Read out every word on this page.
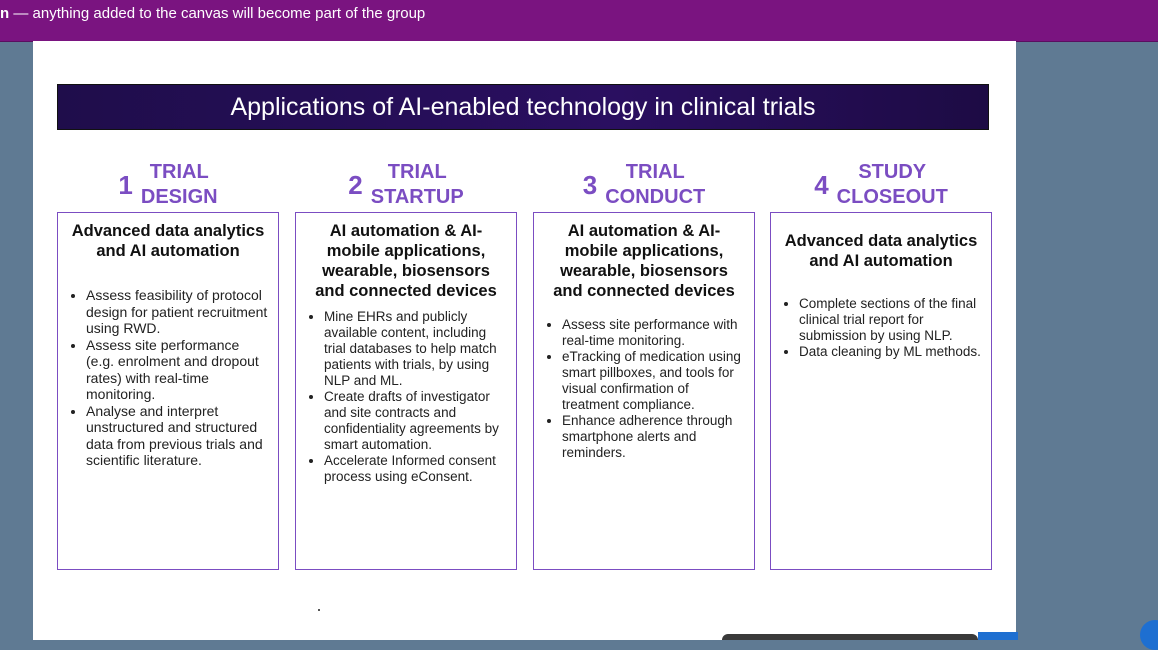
n — anything added to the canvas will become part of the group
Applications of AI-enabled technology in clinical trials
1 TRIAL
DESIGN
Advanced data analytics and AI automation
• Assess feasibility of protocol design for patient recruitment using RWD.
• Assess site performance (e.g. enrolment and dropout rates) with real-time monitoring.
• Analyse and interpret unstructured and structured data from previous trials and scientific literature.
2	TRIAL
STARTUP
AI automation & AI-mobile applications, wearable, biosensors and connected devices
• Mine EHRs and publicly available content, including trial databases to help match patients with trials, by using NLP and ML.
• Create drafts of investigator and site contracts and confidentiality agreements by smart automation.
• Accelerate Informed consent process using eConsent.
3	TRIAL
CONDUCT
AI automation & AI-mobile applications, wearable, biosensors and connected devices
• Assess site performance with real-time monitoring.
• eTracking of medication using smart pillboxes, and tools for visual confirmation of treatment compliance.
• Enhance adherence through smartphone alerts and reminders.
4	STUDY
CLOSEOUT
Advanced data analytics and AI automation
• Complete sections of the final clinical trial report for submission by using NLP.
• Data cleaning by ML methods.
